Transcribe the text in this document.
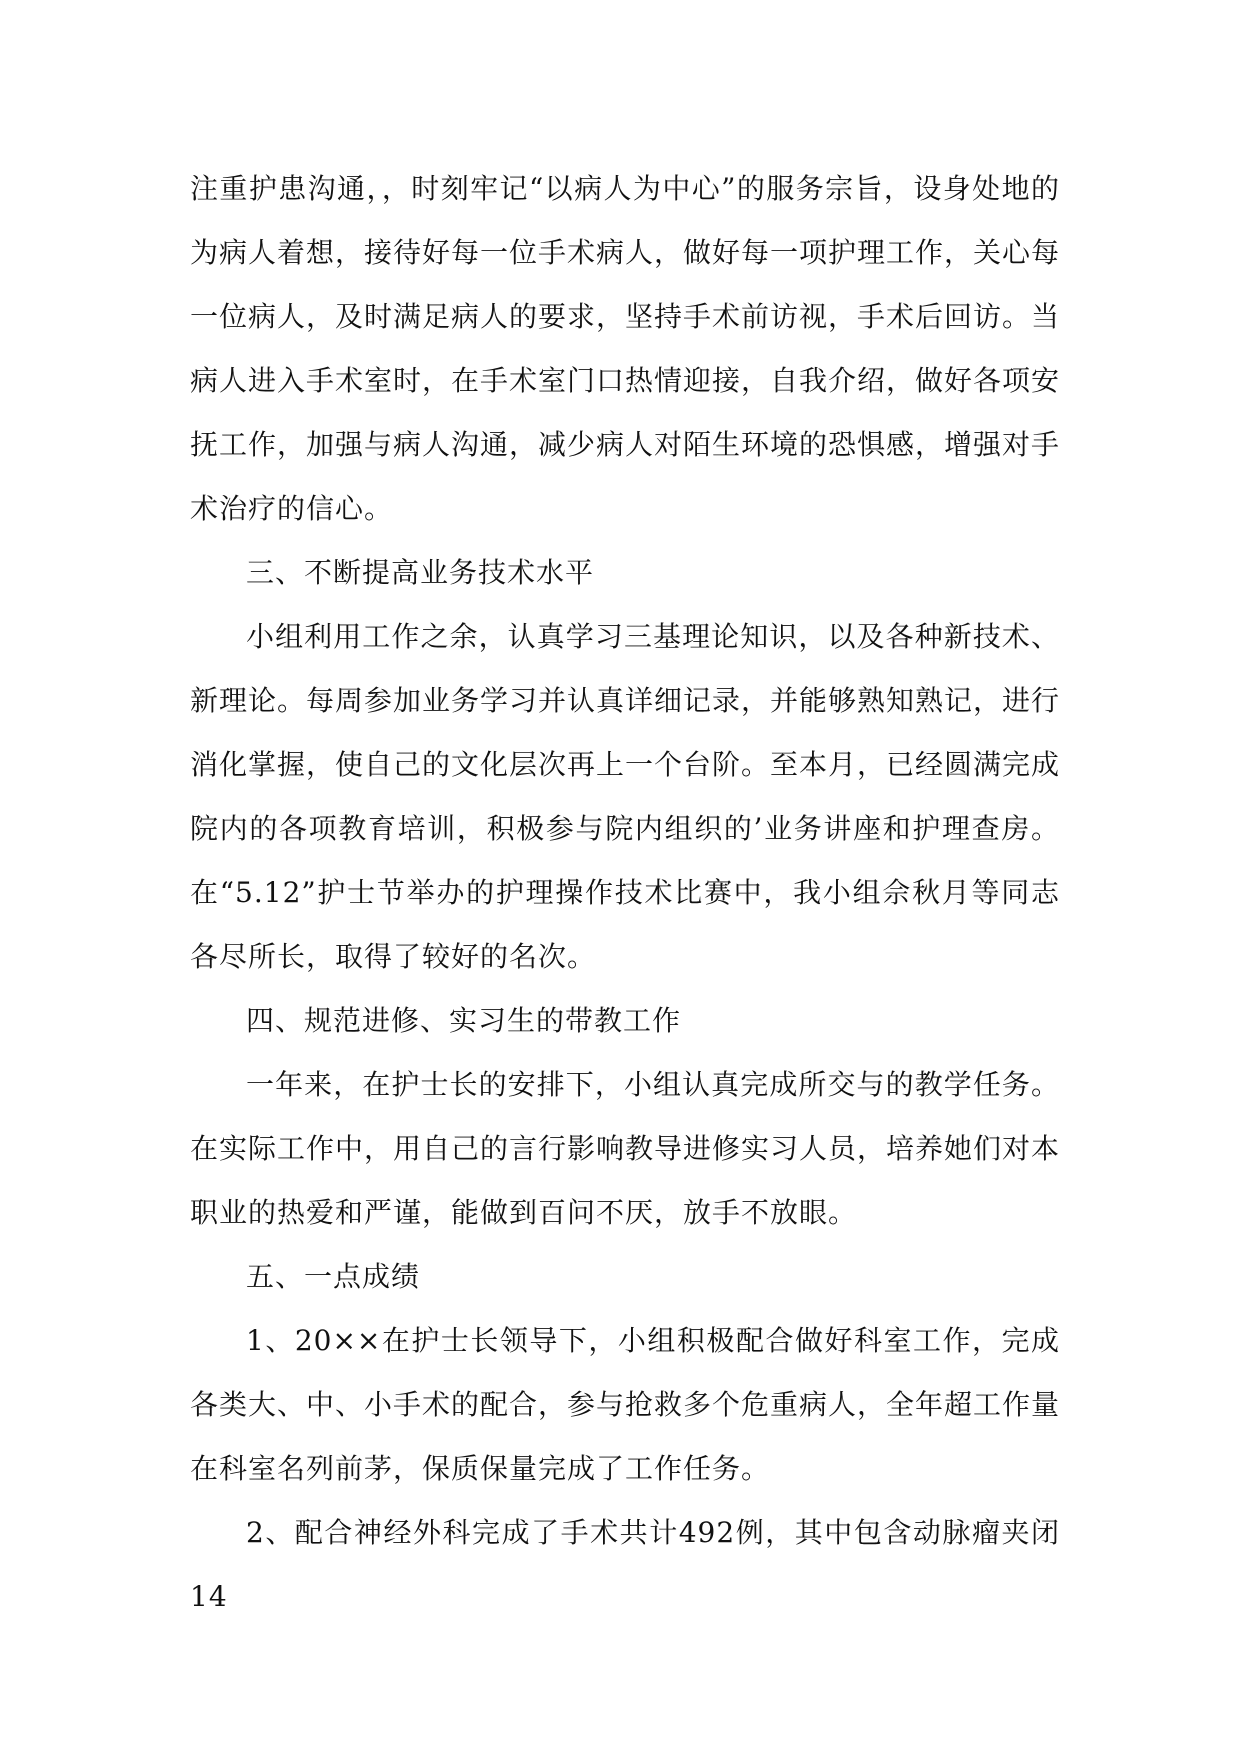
注重护患沟通，，时刻牢记“以病人为中心”的服务宗旨，设身处地的为病人着想，接待好每一位手术病人，做好每一项护理工作，关心每一位病人，及时满足病人的要求，坚持手术前访视，手术后回访。当病人进入手术室时，在手术室门口热情迎接，自我介绍，做好各项安抚工作，加强与病人沟通，减少病人对陌生环境的恐惧感，增强对手术治疗的信心。

三、不断提高业务技术水平

小组利用工作之余，认真学习三基理论知识，以及各种新技术、新理论。每周参加业务学习并认真详细记录，并能够熟知熟记，进行消化掌握，使自己的文化层次再上一个台阶。至本月，已经圆满完成院内的各项教育培训，积极参与院内组织的’业务讲座和护理查房。在“5.12”护士节举办的护理操作技术比赛中，我小组佘秋月等同志各尽所长，取得了较好的名次。

四、规范进修、实习生的带教工作

一年来，在护士长的安排下，小组认真完成所交与的教学任务。在实际工作中，用自己的言行影响教导进修实习人员，培养她们对本职业的热爱和严谨，能做到百问不厌，放手不放眼。

五、一点成绩

1、20××在护士长领导下，小组积极配合做好科室工作，完成各类大、中、小手术的配合，参与抢救多个危重病人，全年超工作量在科室名列前茅，保质保量完成了工作任务。

2、配合神经外科完成了手术共计492例，其中包含动脉瘤夹闭14
